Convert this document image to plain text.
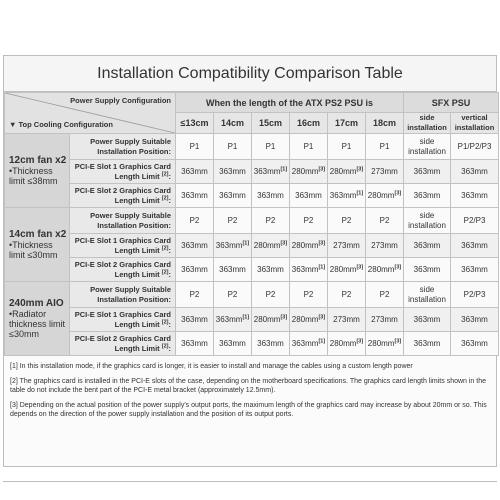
Installation Compatibility Comparison Table
Power Supply Configuration
▼ Top Cooling Configuration		When the length of the ATX PS2 PSU is						SFX PSU	
		≤13cm	14cm	15cm	16cm	17cm	18cm	side installation	vertical installation

12cm fan x2
•Thickness limit ≤38mm	Power Supply Suitable Installation Position:	P1	P1	P1	P1	P1	P1	side installation	P1/P2/P3
	PCI-E Slot 1 Graphics Card Length Limit [2]:	363mm	363mm	363mm[1]	280mm[3]	280mm[3]	273mm	363mm	363mm
	PCI-E Slot 2 Graphics Card Length Limit [2]:	363mm	363mm	363mm	363mm	363mm[1]	280mm[3]	363mm	363mm

14cm fan x2
•Thickness limit ≤30mm	Power Supply Suitable Installation Position:	P2	P2	P2	P2	P2	P2	side installation	P2/P3
	PCI-E Slot 1 Graphics Card Length Limit [2]:	363mm	363mm[1]	280mm[3]	280mm[3]	273mm	273mm	363mm	363mm
	PCI-E Slot 2 Graphics Card Length Limit [2]:	363mm	363mm	363mm	363mm[1]	280mm[3]	280mm[3]	363mm	363mm

240mm AIO
•Radiator thickness limit ≤30mm	Power Supply Suitable Installation Position:	P2	P2	P2	P2	P2	P2	side installation	P2/P3
	PCI-E Slot 1 Graphics Card Length Limit [2]:	363mm	363mm[1]	280mm[3]	280mm[3]	273mm	273mm	363mm	363mm
	PCI-E Slot 2 Graphics Card Length Limit [2]:	363mm	363mm	363mm	363mm[1]	280mm[3]	280mm[3]	363mm	363mm

[1] In this installation mode, if the graphics card is longer, it is easier to install and manage the cables using a custom length power

[2] The graphics card is installed in the PCI-E slots of the case, depending on the motherboard specifications. The graphics card length limits shown in the table do not include the bent part of the PCI-E metal bracket (approximately 12.5mm).

[3] Depending on the actual position of the power supply's output ports, the maximum length of the graphics card may increase by about 20mm or so. This depends on the direction of the power supply installation and the position of its output ports.
